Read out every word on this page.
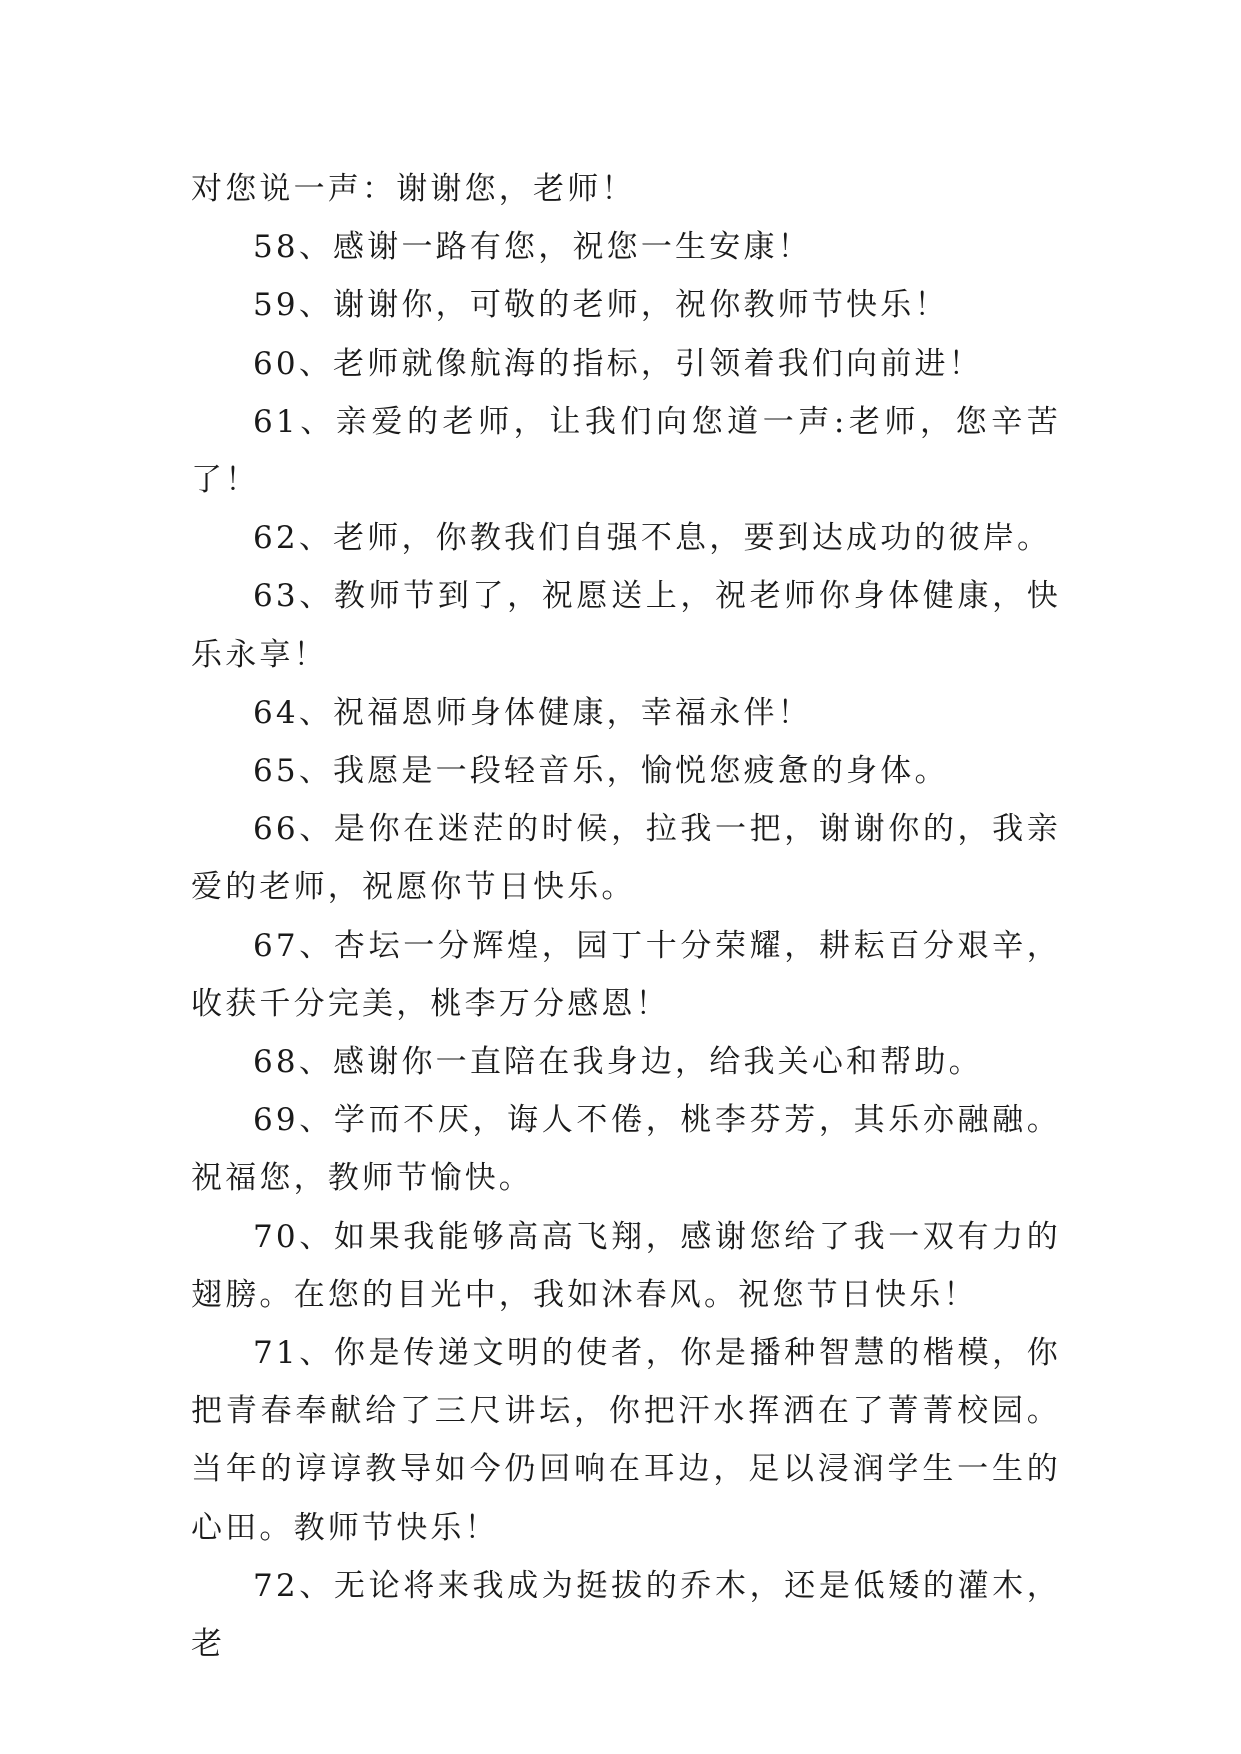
对您说一声：谢谢您，老师！

58、感谢一路有您，祝您一生安康！

59、谢谢你，可敬的老师，祝你教师节快乐！

60、老师就像航海的指标，引领着我们向前进！

61、亲爱的老师，让我们向您道一声:老师，您辛苦了！

62、老师，你教我们自强不息，要到达成功的彼岸。

63、教师节到了，祝愿送上，祝老师你身体健康，快乐永享！

64、祝福恩师身体健康，幸福永伴！

65、我愿是一段轻音乐，愉悦您疲惫的身体。

66、是你在迷茫的时候，拉我一把，谢谢你的，我亲爱的老师，祝愿你节日快乐。

67、杏坛一分辉煌，园丁十分荣耀，耕耘百分艰辛，收获千分完美，桃李万分感恩！

68、感谢你一直陪在我身边，给我关心和帮助。

69、学而不厌，诲人不倦，桃李芬芳，其乐亦融融。祝福您，教师节愉快。

70、如果我能够高高飞翔，感谢您给了我一双有力的翅膀。在您的目光中，我如沐春风。祝您节日快乐！

71、你是传递文明的使者，你是播种智慧的楷模，你把青春奉献给了三尺讲坛，你把汗水挥洒在了菁菁校园。当年的谆谆教导如今仍回响在耳边，足以浸润学生一生的心田。教师节快乐！

72、无论将来我成为挺拔的乔木，还是低矮的灌木，老
